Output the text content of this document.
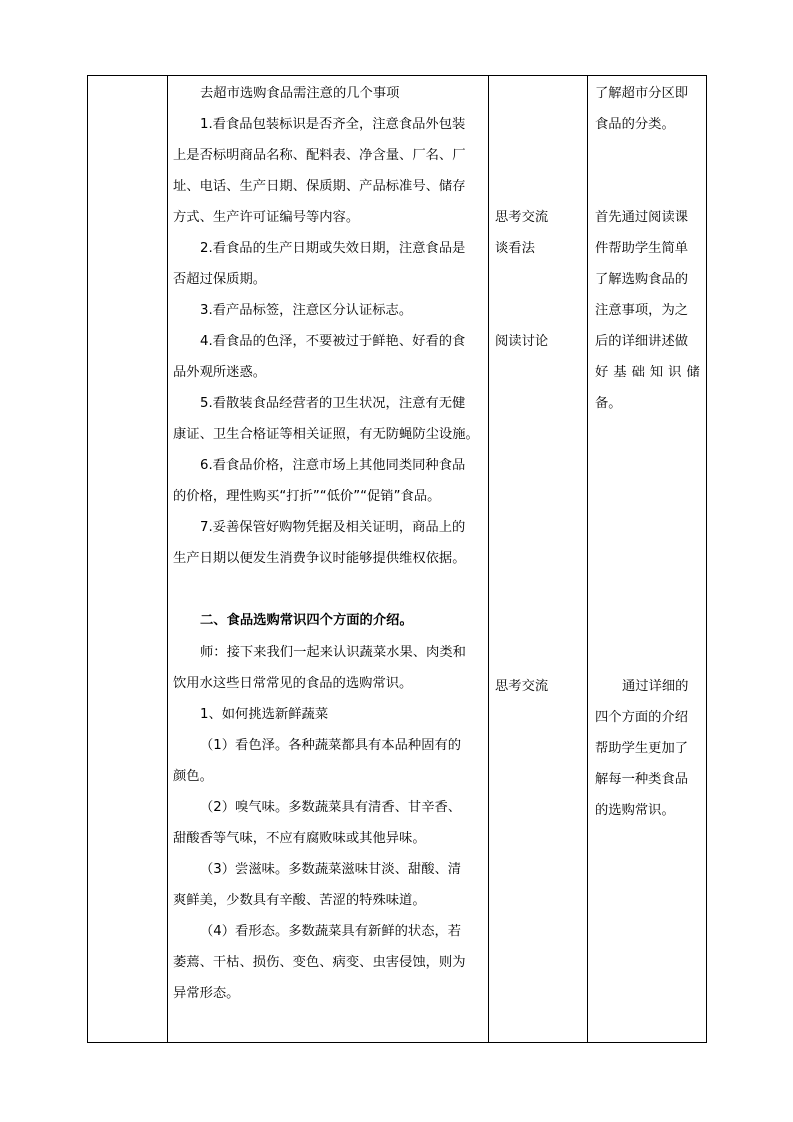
去超市选购食品需注意的几个事项
1.看食品包装标识是否齐全，注意食品外包装
上是否标明商品名称、配料表、净含量、厂名、厂
址、电话、生产日期、保质期、产品标准号、储存
方式、生产许可证编号等内容。
2.看食品的生产日期或失效日期，注意食品是
否超过保质期。
3.看产品标签，注意区分认证标志。
4.看食品的色泽，不要被过于鲜艳、好看的食
品外观所迷惑。
5.看散装食品经营者的卫生状况，注意有无健
康证、卫生合格证等相关证照，有无防蝇防尘设施。
6.看食品价格，注意市场上其他同类同种食品
的价格，理性购买“打折”“低价”“促销”食品。
7.妥善保管好购物凭据及相关证明，商品上的
生产日期以便发生消费争议时能够提供维权依据。
二、食品选购常识四个方面的介绍。
师：接下来我们一起来认识蔬菜水果、肉类和
饮用水这些日常常见的食品的选购常识。
1、如何挑选新鲜蔬菜
（1）看色泽。各种蔬菜都具有本品种固有的
颜色。
（2）嗅气味。多数蔬菜具有清香、甘辛香、
甜酸香等气味，不应有腐败味或其他异味。
（3）尝滋味。多数蔬菜滋味甘淡、甜酸、清
爽鲜美，少数具有辛酸、苦涩的特殊味道。
（4）看形态。多数蔬菜具有新鲜的状态，若
萎蔫、干枯、损伤、变色、病变、虫害侵蚀，则为
异常形态。
思考交流
谈看法
阅读讨论
思考交流
了解超市分区即
食品的分类。
首先通过阅读课
件帮助学生简单
了解选购食品的
注意事项，为之
后的详细讲述做
好基础知识储
备。
通过详细的
四个方面的介绍
帮助学生更加了
解每一种类食品
的选购常识。
